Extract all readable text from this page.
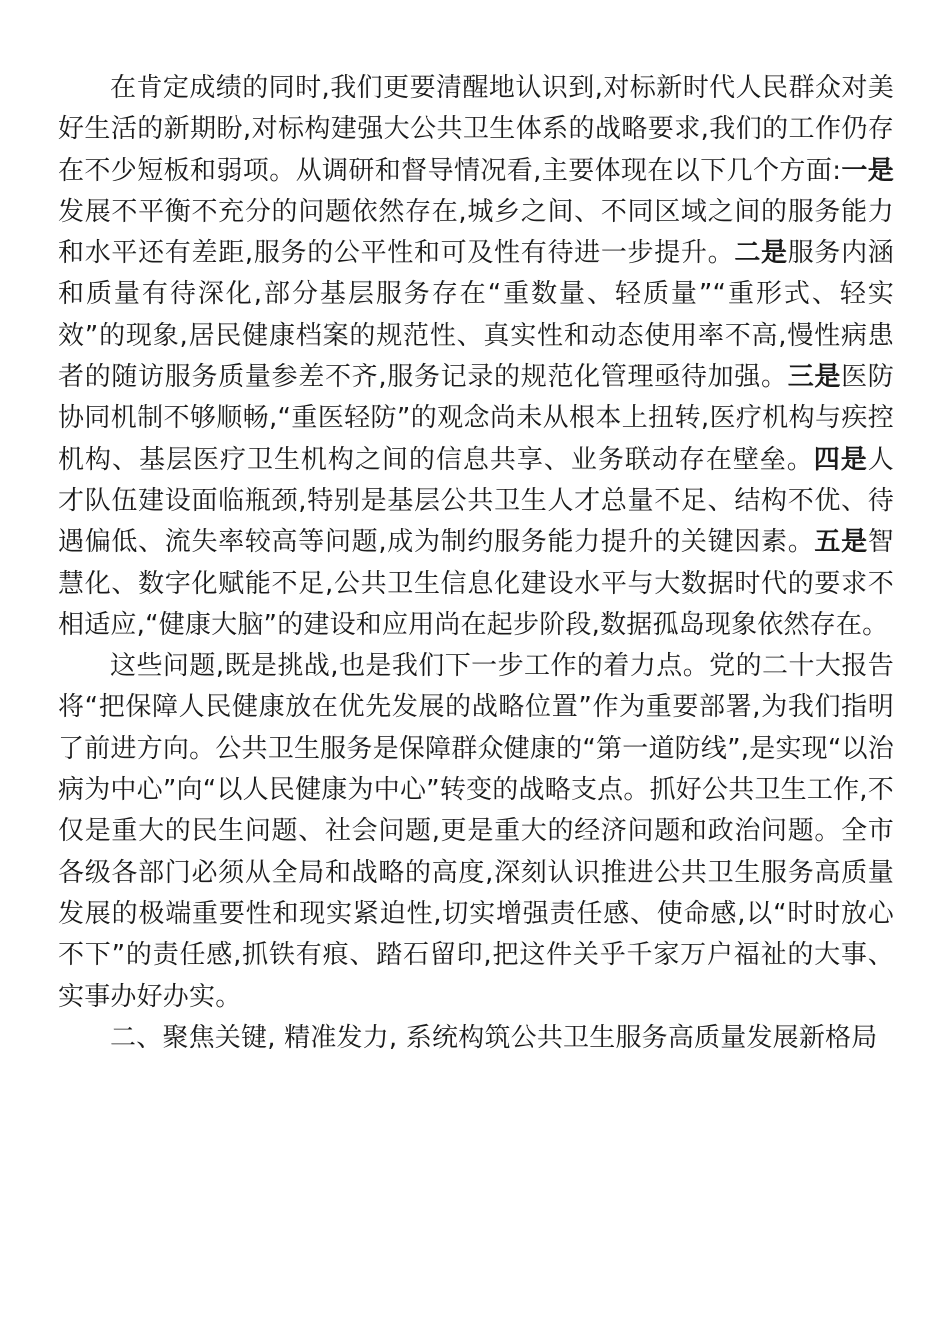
在肯定成绩的同时,我们更要清醒地认识到,对标新时代人民群众对美好生活的新期盼,对标构建强大公共卫生体系的战略要求,我们的工作仍存在不少短板和弱项。从调研和督导情况看,主要体现在以下几个方面:一是发展不平衡不充分的问题依然存在,城乡之间、不同区域之间的服务能力和水平还有差距,服务的公平性和可及性有待进一步提升。二是服务内涵和质量有待深化,部分基层服务存在“重数量、轻质量”“重形式、轻实效”的现象,居民健康档案的规范性、真实性和动态使用率不高,慢性病患者的随访服务质量参差不齐,服务记录的规范化管理亟待加强。三是医防协同机制不够顺畅,“重医轻防”的观念尚未从根本上扭转,医疗机构与疾控机构、基层医疗卫生机构之间的信息共享、业务联动存在壁垒。四是人才队伍建设面临瓶颈,特别是基层公共卫生人才总量不足、结构不优、待遇偏低、流失率较高等问题,成为制约服务能力提升的关键因素。五是智慧化、数字化赋能不足,公共卫生信息化建设水平与大数据时代的要求不相适应,“健康大脑”的建设和应用尚在起步阶段,数据孤岛现象依然存在。

这些问题,既是挑战,也是我们下一步工作的着力点。党的二十大报告将“把保障人民健康放在优先发展的战略位置”作为重要部署,为我们指明了前进方向。公共卫生服务是保障群众健康的“第一道防线”,是实现“以治病为中心”向“以人民健康为中心”转变的战略支点。抓好公共卫生工作,不仅是重大的民生问题、社会问题,更是重大的经济问题和政治问题。全市各级各部门必须从全局和战略的高度,深刻认识推进公共卫生服务高质量发展的极端重要性和现实紧迫性,切实增强责任感、使命感,以“时时放心不下”的责任感,抓铁有痕、踏石留印,把这件关乎千家万户福祉的大事、实事办好办实。

二、聚焦关键, 精准发力, 系统构筑公共卫生服务高质量发展新格局
